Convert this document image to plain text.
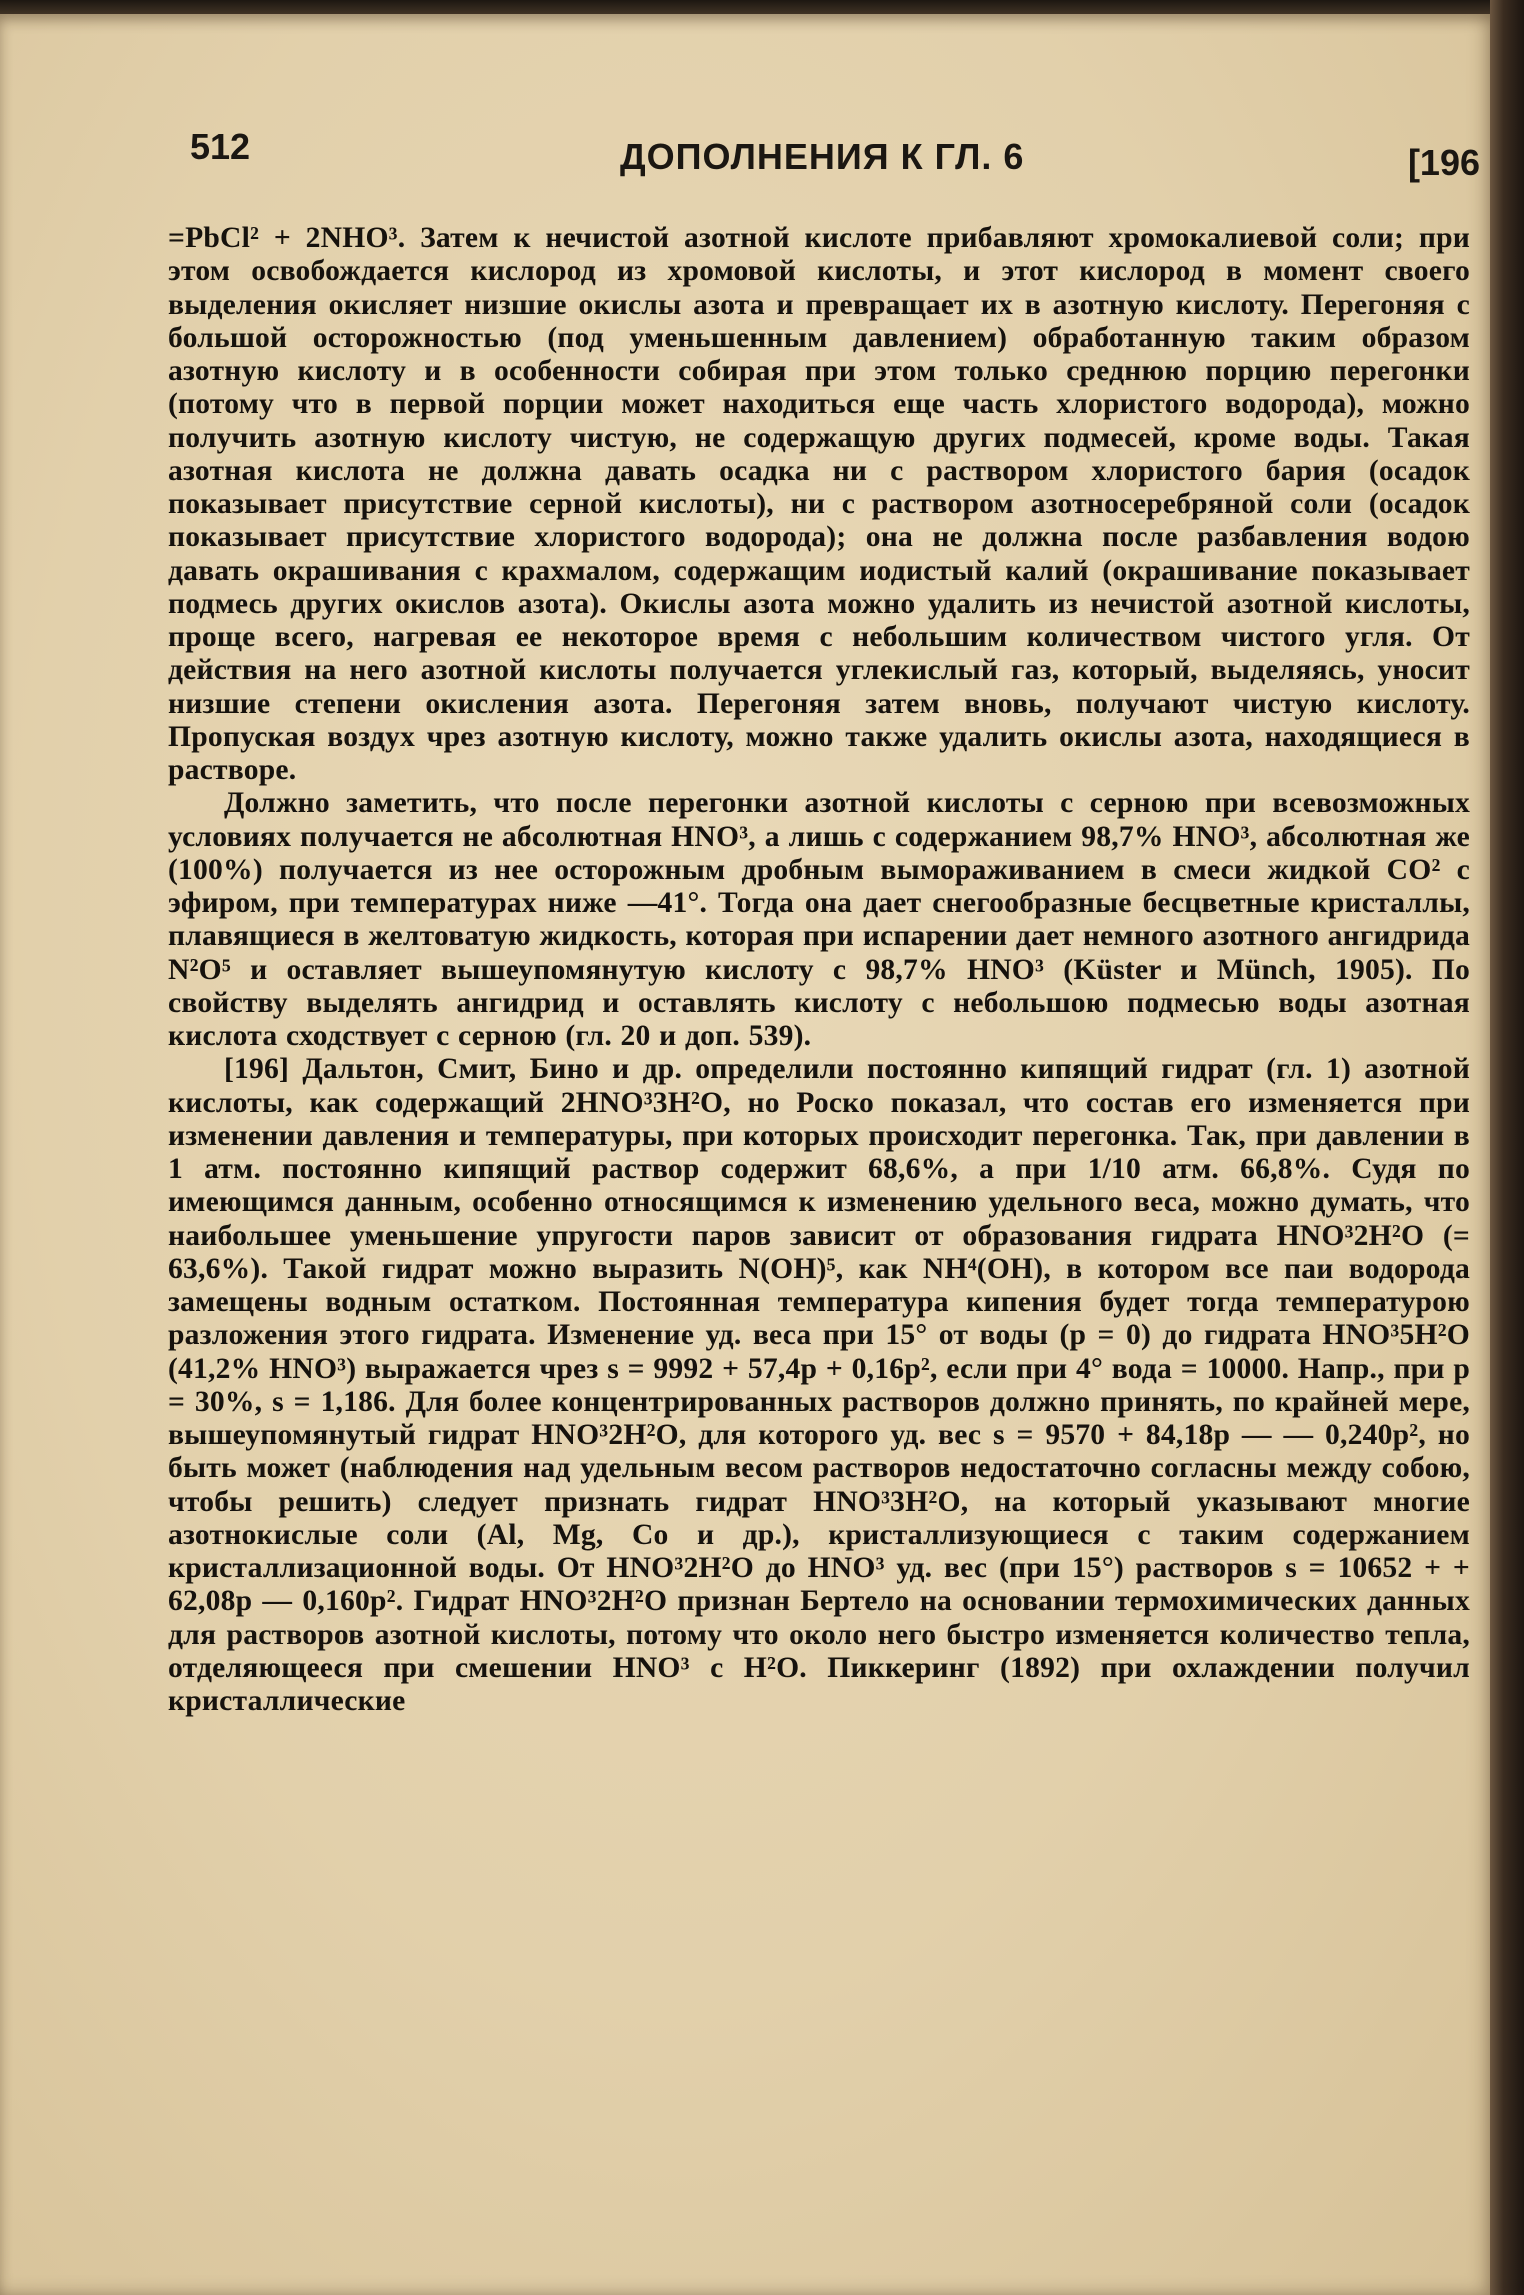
512	ДОПОЛНЕНИЯ К ГЛ. 6	[196

=PbCl² + 2NHO³. Затем к нечистой азотной кислоте прибавляют хромокалиевой соли; при этом освобождается кислород из хромовой кислоты, и этот кислород в момент своего выделения окисляет низшие окислы азота и превращает их в азотную кислоту. Перегоняя с большой осторожностью (под уменьшенным давлением) обработанную таким образом азотную кислоту и в особенности собирая при этом только среднюю порцию перегонки (потому что в первой порции может находиться еще часть хлористого водорода), можно получить азотную кислоту чистую, не содержащую других подмесей, кроме воды. Такая азотная кислота не должна давать осадка ни с раствором хлористого бария (осадок показывает присутствие серной кислоты), ни с раствором азотносеребряной соли (осадок показывает присутствие хлористого водорода); она не должна после разбавления водою давать окрашивания с крахмалом, содержащим иодистый калий (окрашивание показывает подмесь других окислов азота). Окислы азота можно удалить из нечистой азотной кислоты, проще всего, нагревая ее некоторое время с небольшим количеством чистого угля. От действия на него азотной кислоты получается углекислый газ, который, выделяясь, уносит низшие степени окисления азота. Перегоняя затем вновь, получают чистую кислоту. Пропуская воздух чрез азотную кислоту, можно также удалить окислы азота, находящиеся в растворе.

Должно заметить, что после перегонки азотной кислоты с серною при всевозможных условиях получается не абсолютная HNO³, а лишь с содержанием 98,7% HNO³, абсолютная же (100%) получается из нее осторожным дробным вымораживанием в смеси жидкой CO² с эфиром, при температурах ниже —41°. Тогда она дает снегообразные бесцветные кристаллы, плавящиеся в желтоватую жидкость, которая при испарении дает немного азотного ангидрида N²O⁵ и оставляет вышеупомянутую кислоту с 98,7% HNO³ (Küster и Münch, 1905). По свойству выделять ангидрид и оставлять кислоту с небольшою подмесью воды азотная кислота сходствует с серною (гл. 20 и доп. 539).

[196] Дальтон, Смит, Бино и др. определили постоянно кипящий гидрат (гл. 1) азотной кислоты, как содержащий 2HNO³3H²O, но Роско показал, что состав его изменяется при изменении давления и температуры, при которых происходит перегонка. Так, при давлении в 1 атм. постоянно кипящий раствор содержит 68,6%, а при 1/10 атм. 66,8%. Судя по имеющимся данным, особенно относящимся к изменению удельного веса, можно думать, что наибольшее уменьшение упругости паров зависит от образования гидрата HNO³2H²O (= 63,6%). Такой гидрат можно выразить N(OH)⁵, как NH⁴(OH), в котором все паи водорода замещены водным остатком. Постоянная температура кипения будет тогда температурою разложения этого гидрата. Изменение уд. веса при 15° от воды (p = 0) до гидрата HNO³5H²O (41,2% HNO³) выражается чрез s = 9992 + 57,4p + 0,16p², если при 4° вода = 10000. Напр., при p = 30%, s = 1,186. Для более концентрированных растворов должно принять, по крайней мере, вышеупомянутый гидрат HNO³2H²O, для которого уд. вес s = 9570 + 84,18p — — 0,240p², но быть может (наблюдения над удельным весом растворов недостаточно согласны между собою, чтобы решить) следует признать гидрат HNO³3H²O, на который указывают многие азотнокислые соли (Al, Mg, Co и др.), кристаллизующиеся с таким содержанием кристаллизационной воды. От HNO³2H²O до HNO³ уд. вес (при 15°) растворов s = 10652 + + 62,08p — 0,160p². Гидрат HNO³2H²O признан Бертело на основании термохимических данных для растворов азотной кислоты, потому что около него быстро изменяется количество тепла, отделяющееся при смешении HNO³ с H²O. Пиккеринг (1892) при охлаждении получил кристаллические
